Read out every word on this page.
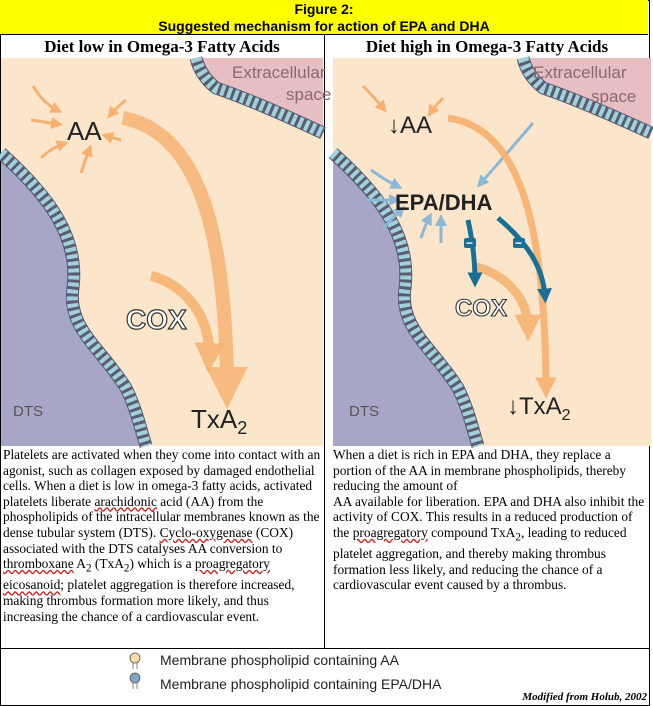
Figure 2:
Suggested mechanism for action of EPA and DHA
Diet low in Omega-3 Fatty Acids	Diet high in Omega-3 Fatty Acids
AA
COX
TxA$_2$
Extracellular
space
DTS
−	−
↓AA
EPA/DHA
COX
↓TxA$_2$
Extracellular
space
DTS
Platelets are activated when they come into contact with an agonist, such as collagen exposed by damaged endothelial cells. When a diet is low in omega-3 fatty acids, activated platelets liberate arachidonic acid (AA) from the phospholipids of the intracellular membranes known as the dense tubular system (DTS). Cyclo-oxygenase (COX) associated with the DTS catalyses AA conversion to thromboxane $A_2$ (TxA$_2$) which is a proagregatory eicosanoid; platelet aggregation is therefore increased, making thrombus formation more likely, and thus increasing the chance of a cardiovascular event.
When a diet is rich in EPA and DHA, they replace a portion of the AA in membrane phospholipids, thereby reducing the amount of
AA available for liberation. EPA and DHA also inhibit the activity of COX. This results in a reduced production of the proagregatory compound TxA$_2$, leading to reduced platelet aggregation, and thereby making thrombus formation less likely, and reducing the chance of a cardiovascular event caused by a thrombus.
Membrane phospholipid containing AA
Membrane phospholipid containing EPA/DHA
Modified from Holub, 2002
